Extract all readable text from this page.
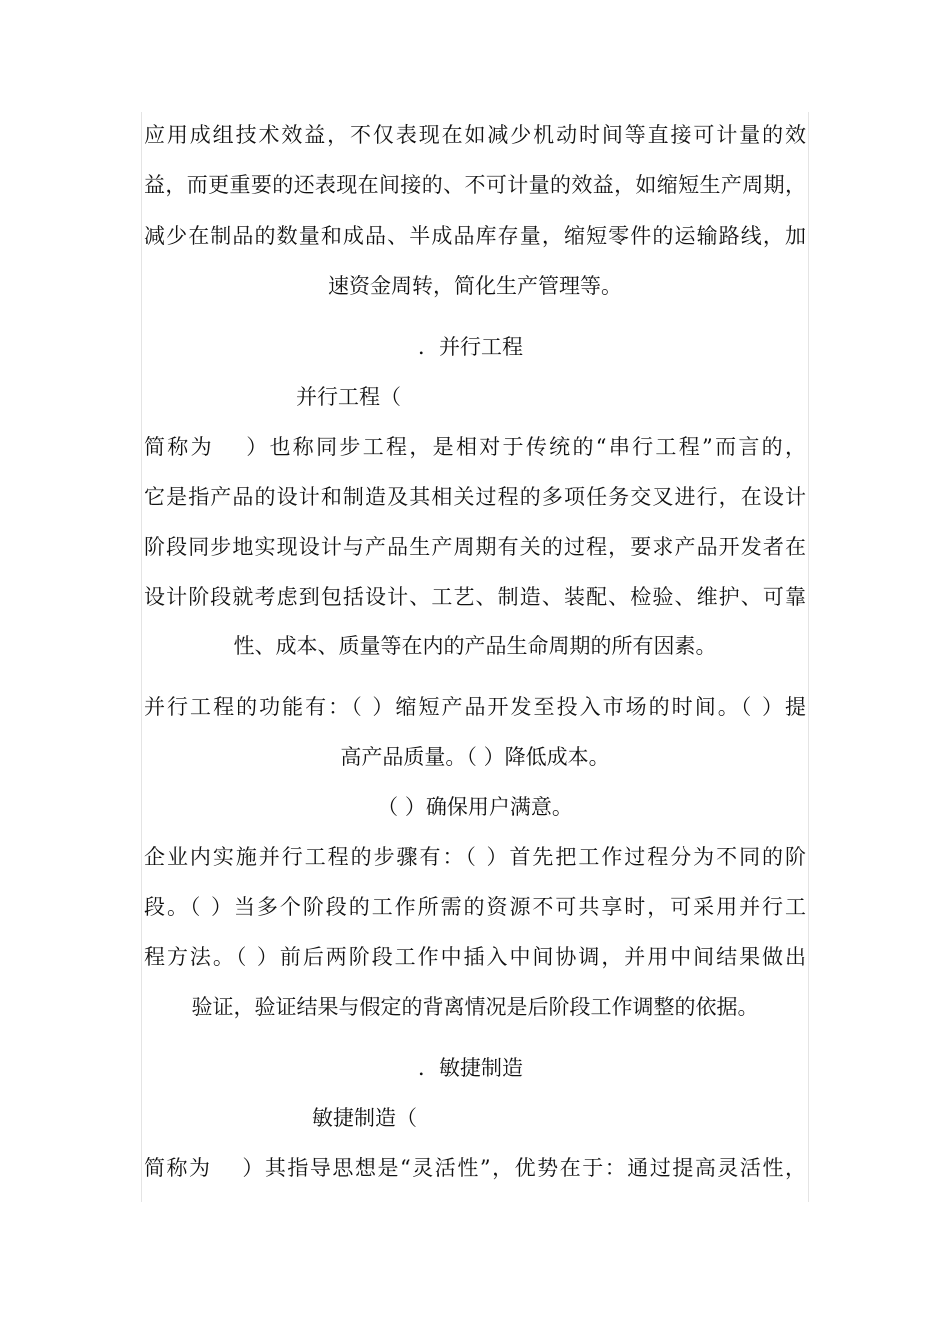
应用成组技术效益，不仅表现在如减少机动时间等直接可计量的效
益，而更重要的还表现在间接的、不可计量的效益，如缩短生产周期，
减少在制品的数量和成品、半成品库存量，缩短零件的运输路线，加
速资金周转，简化生产管理等。
．并行工程
并行工程（
简称为　 ）也称同步工程，是相对于传统的“串行工程”而言的，
它是指产品的设计和制造及其相关过程的多项任务交叉进行，在设计
阶段同步地实现设计与产品生产周期有关的过程，要求产品开发者在
设计阶段就考虑到包括设计、工艺、制造、装配、检验、维护、可靠
性、成本、质量等在内的产品生命周期的所有因素。
并行工程的功能有：（ ）缩短产品开发至投入市场的时间。（ ）提
高产品质量。（ ）降低成本。
（ ）确保用户满意。
企业内实施并行工程的步骤有：（ ）首先把工作过程分为不同的阶
段。（ ）当多个阶段的工作所需的资源不可共享时，可采用并行工
程方法。（ ）前后两阶段工作中插入中间协调，并用中间结果做出
验证，验证结果与假定的背离情况是后阶段工作调整的依据。
．敏捷制造
敏捷制造（
简称为　 ）其指导思想是“灵活性”，优势在于：通过提高灵活性，
